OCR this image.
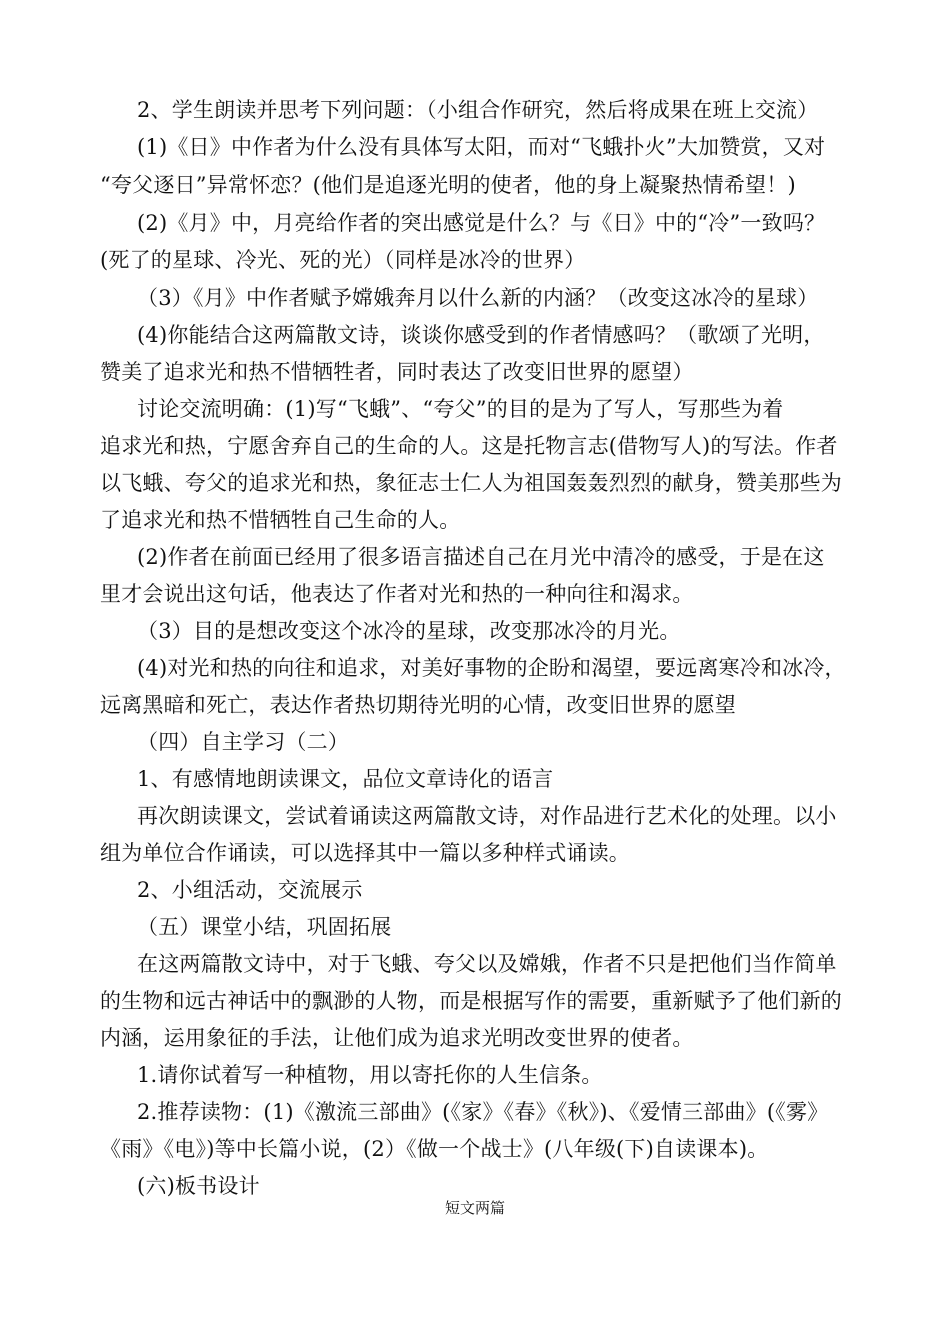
2、学生朗读并思考下列问题：（小组合作研究，然后将成果在班上交流）
(1)《日》中作者为什么没有具体写太阳，而对“飞蛾扑火”大加赞赏，又对
“夸父逐日”异常怀恋？(他们是追逐光明的使者，他的身上凝聚热情希望！)
(2)《月》中，月亮给作者的突出感觉是什么？与《日》中的“冷”一致吗？
(死了的星球、冷光、死的光）（同样是冰冷的世界）
（3）《月》中作者赋予嫦娥奔月以什么新的内涵？（改变这冰冷的星球）
(4)你能结合这两篇散文诗，谈谈你感受到的作者情感吗？（歌颂了光明，
赞美了追求光和热不惜牺牲者，同时表达了改变旧世界的愿望）
讨论交流明确：(1)写“飞蛾”、“夸父”的目的是为了写人，写那些为着
追求光和热，宁愿舍弃自己的生命的人。这是托物言志(借物写人)的写法。作者
以飞蛾、夸父的追求光和热，象征志士仁人为祖国轰轰烈烈的献身，赞美那些为
了追求光和热不惜牺牲自己生命的人。
(2)作者在前面已经用了很多语言描述自己在月光中清冷的感受，于是在这
里才会说出这句话，他表达了作者对光和热的一种向往和渴求。
（3）目的是想改变这个冰冷的星球，改变那冰冷的月光。
(4)对光和热的向往和追求，对美好事物的企盼和渴望，要远离寒冷和冰冷，
远离黑暗和死亡，表达作者热切期待光明的心情，改变旧世界的愿望
（四）自主学习（二）
1、有感情地朗读课文，品位文章诗化的语言
再次朗读课文，尝试着诵读这两篇散文诗，对作品进行艺术化的处理。以小
组为单位合作诵读，可以选择其中一篇以多种样式诵读。
2、小组活动，交流展示
（五）课堂小结，巩固拓展
在这两篇散文诗中，对于飞蛾、夸父以及嫦娥，作者不只是把他们当作简单
的生物和远古神话中的飘渺的人物，而是根据写作的需要，重新赋予了他们新的
内涵，运用象征的手法，让他们成为追求光明改变世界的使者。
1.请你试着写一种植物，用以寄托你的人生信条。
2.推荐读物：(1)《激流三部曲》(《家》《春》《秋》)、《爱情三部曲》(《雾》
《雨》《电》)等中长篇小说，(2）《做一个战士》(八年级(下)自读课本)。
(六)板书设计
短文两篇
